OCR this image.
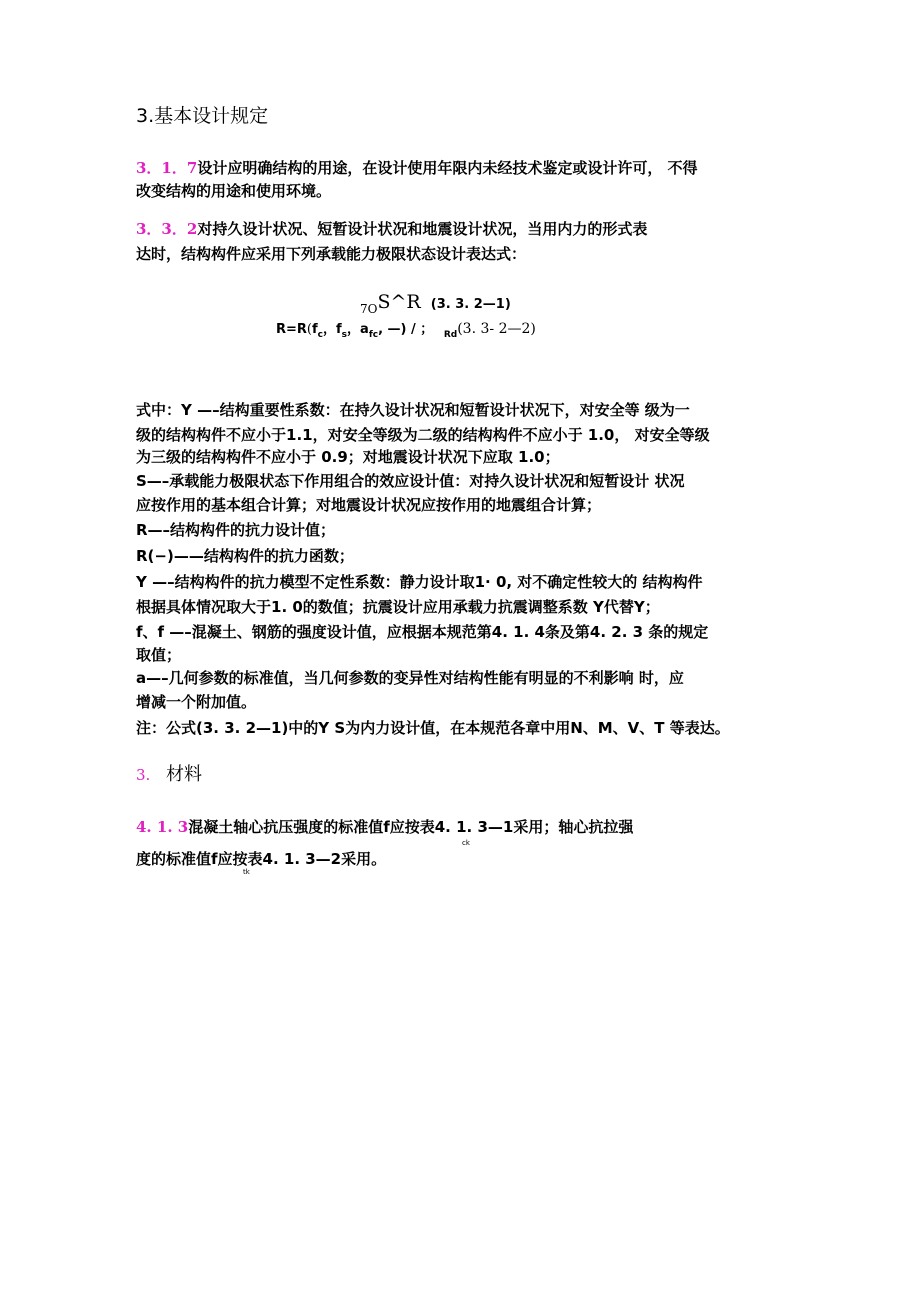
3.基本设计规定
3．1．7设计应明确结构的用途，在设计使用年限内未经技术鉴定或设计许可， 不得
改变结构的用途和使用环境。
3．3．2对持久设计状况、短暂设计状况和地震设计状况，当用内力的形式表
达时，结构构件应采用下列承载能力极限状态设计表达式：
$_{7O}$S^R (3. 3. 2—1)
$R=R(f_c$，$f_s$，$a_{fc}$, —) / ； $_{Rd}$(3. 3- 2—2)
式中：Y —–结构重要性系数：在持久设计状况和短暂设计状况下，对安全等 级为一
级的结构构件不应小于1.1，对安全等级为二级的结构构件不应小于 1.0， 对安全等级
为三级的结构构件不应小于 0.9；对地震设计状况下应取 1.0；
S—–承载能力极限状态下作用组合的效应设计值：对持久设计状况和短暂设计 状况
应按作用的基本组合计算；对地震设计状况应按作用的地震组合计算；
R—–结构构件的抗力设计值；
R(−)——结构构件的抗力函数；
Y —–结构构件的抗力模型不定性系数：静力设计取1· 0, 对不确定性较大的 结构构件
根据具体情况取大于1. 0的数值；抗震设计应用承载力抗震调整系数 Y代替Y；
f、f —–混凝土、钢筋的强度设计值，应根据本规范第4. 1. 4条及第4. 2. 3 条的规定
取值；
a—–几何参数的标准值，当几何参数的变异性对结构性能有明显的不利影响 时，应
增减一个附加值。
注：公式(3. 3. 2—1)中的Y S为内力设计值，在本规范各章中用N、M、V、T 等表达。
3. 材料
4. 1. 3混凝土轴心抗压强度的标准值f应按表4. 1. 3—1采用；轴心抗拉强
ck
度的标准值f应按表4. 1. 3—2采用。
tk
